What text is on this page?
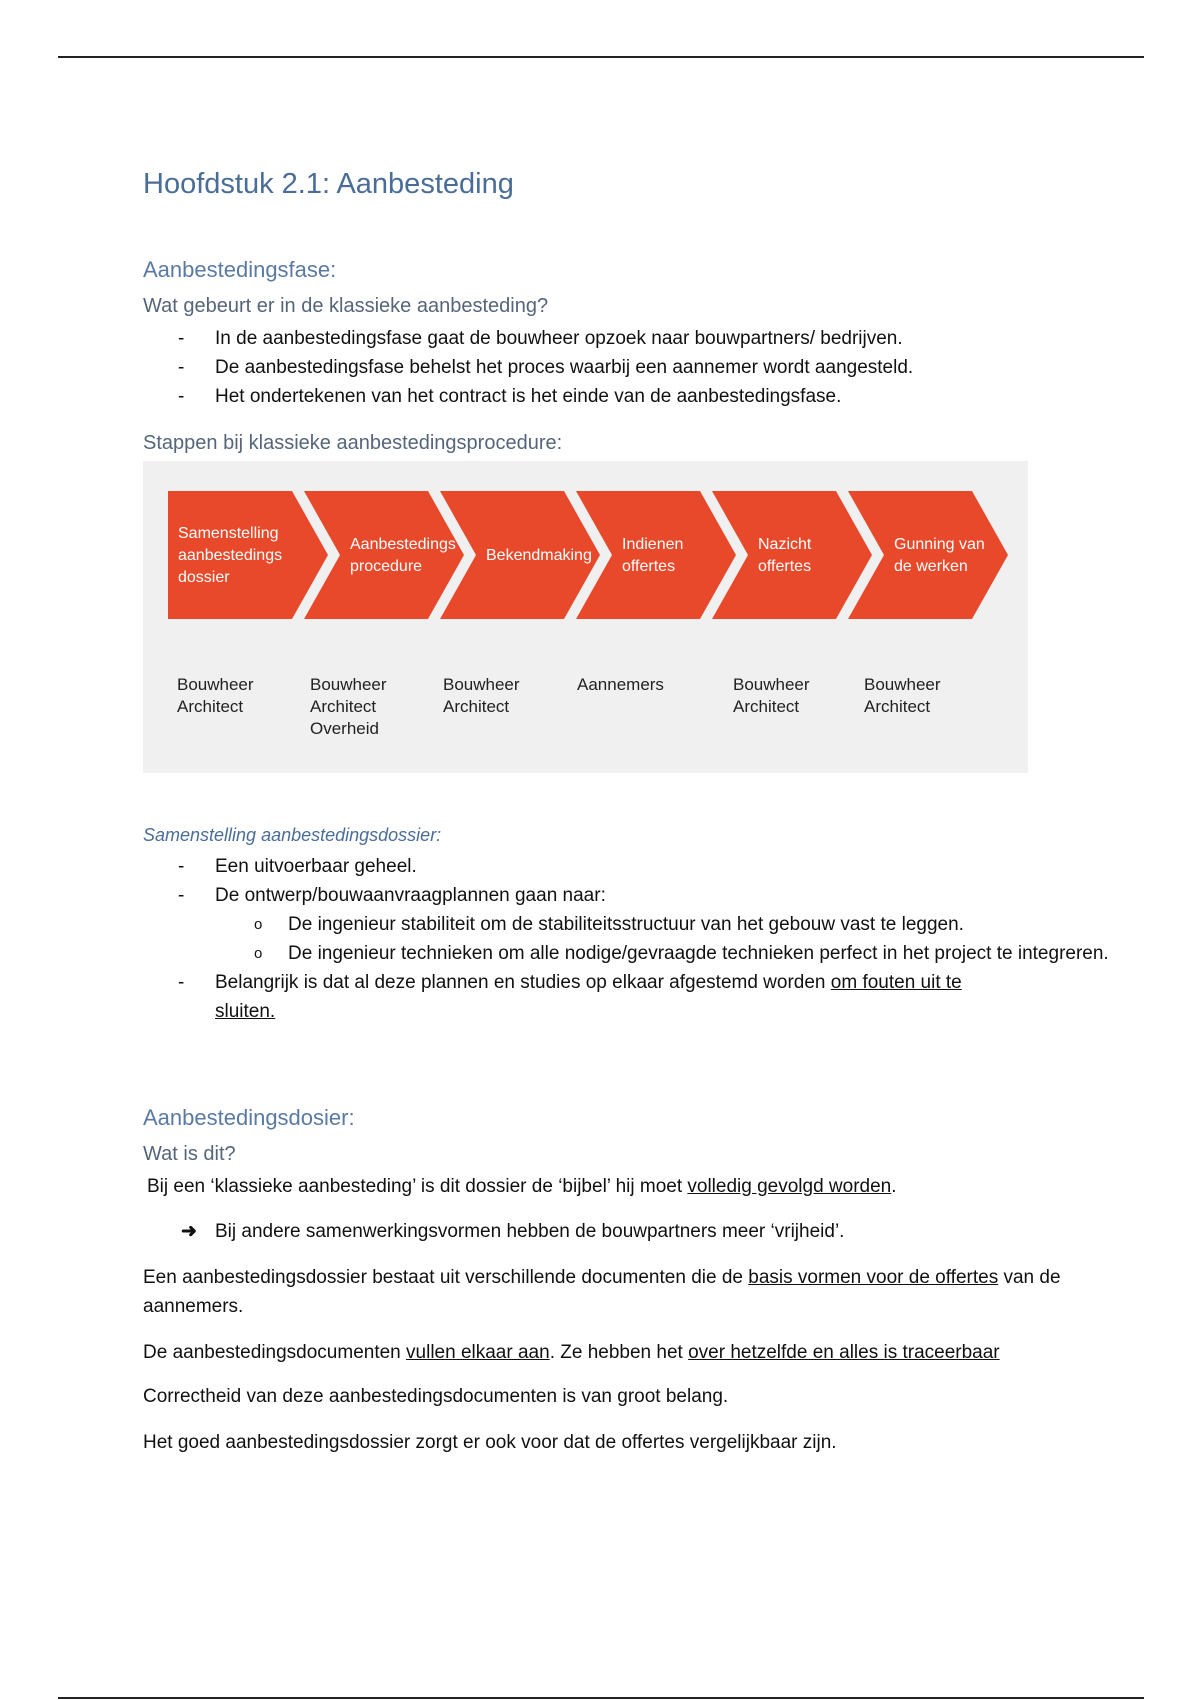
Hoofdstuk 2.1: Aanbesteding
Aanbestedingsfase:
Wat gebeurt er in de klassieke aanbesteding?
- In de aanbestedingsfase gaat de bouwheer opzoek naar bouwpartners/ bedrijven.
- De aanbestedingsfase behelst het proces waarbij een aannemer wordt aangesteld.
- Het ondertekenen van het contract is het einde van de aanbestedingsfase.
Stappen bij klassieke aanbestedingsprocedure:
Samenstelling
aanbestedings
dossier
Aanbestedings
procedure
Bekendmaking
Indienen
offertes
Nazicht
offertes
Gunning van
de werken
Bouwheer
Architect
Bouwheer
Architect
Overheid
Bouwheer
Architect
Aannemers	Bouwheer
Architect
Bouwheer
Architect
Samenstelling aanbestedingsdossier:
- Een uitvoerbaar geheel.
- De ontwerp/bouwaanvraagplannen gaan naar:
o De ingenieur stabiliteit om de stabiliteitsstructuur van het gebouw vast te leggen.
o De ingenieur technieken om alle nodige/gevraagde technieken perfect in het project te integreren.
- Belangrijk is dat al deze plannen en studies op elkaar afgestemd worden om fouten uit te sluiten.
Aanbestedingsdosier:
Wat is dit?
Bij een ‘klassieke aanbesteding’ is dit dossier de ‘bijbel’ hij moet volledig gevolgd worden.
➜ Bij andere samenwerkingsvormen hebben de bouwpartners meer ‘vrijheid’.
Een aanbestedingsdossier bestaat uit verschillende documenten die de basis vormen voor de offertes van de aannemers.
De aanbestedingsdocumenten vullen elkaar aan. Ze hebben het over hetzelfde en alles is traceerbaar
Correctheid van deze aanbestedingsdocumenten is van groot belang.
Het goed aanbestedingsdossier zorgt er ook voor dat de offertes vergelijkbaar zijn.
